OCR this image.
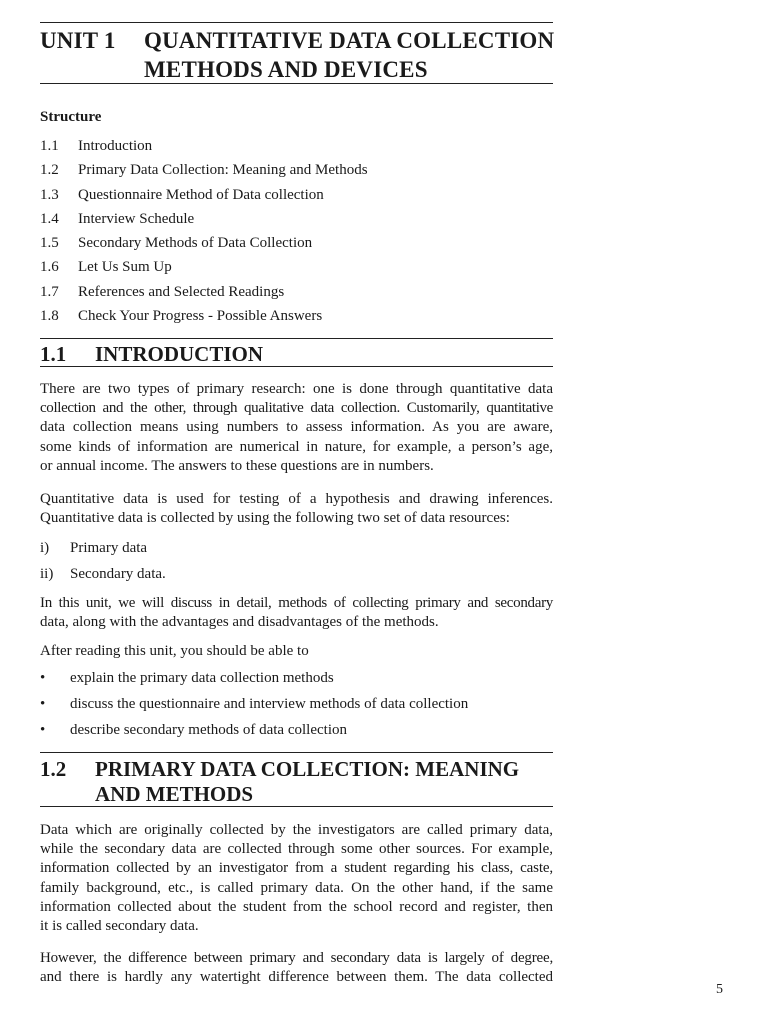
UNIT 1 QUANTITATIVE DATA COLLECTION
METHODS AND DEVICES
Structure
1.1 Introduction
1.2 Primary Data Collection: Meaning and Methods
1.3 Questionnaire Method of Data collection
1.4 Interview Schedule
1.5 Secondary Methods of Data Collection
1.6 Let Us Sum Up
1.7 References and Selected Readings
1.8 Check Your Progress - Possible Answers
1.1 INTRODUCTION
There are two types of primary research: one is done through quantitative data
collection and the other, through qualitative data collection. Customarily, quantitative
data collection means using numbers to assess information. As you are aware,
some kinds of information are numerical in nature, for example, a person’s age,
or annual income. The answers to these questions are in numbers.
Quantitative data is used for testing of a hypothesis and drawing inferences.
Quantitative data is collected by using the following two set of data resources:
i) Primary data
ii) Secondary data.
In this unit, we will discuss in detail, methods of collecting primary and secondary
data, along with the advantages and disadvantages of the methods.
After reading this unit, you should be able to
• explain the primary data collection methods
• discuss the questionnaire and interview methods of data collection
• describe secondary methods of data collection
1.2 PRIMARY DATA COLLECTION: MEANING
AND METHODS
Data which are originally collected by the investigators are called primary data,
while the secondary data are collected through some other sources. For example,
information collected by an investigator from a student regarding his class, caste,
family background, etc., is called primary data. On the other hand, if the same
information collected about the student from the school record and register, then
it is called secondary data.
However, the difference between primary and secondary data is largely of degree,
and there is hardly any watertight difference between them. The data collected
5
